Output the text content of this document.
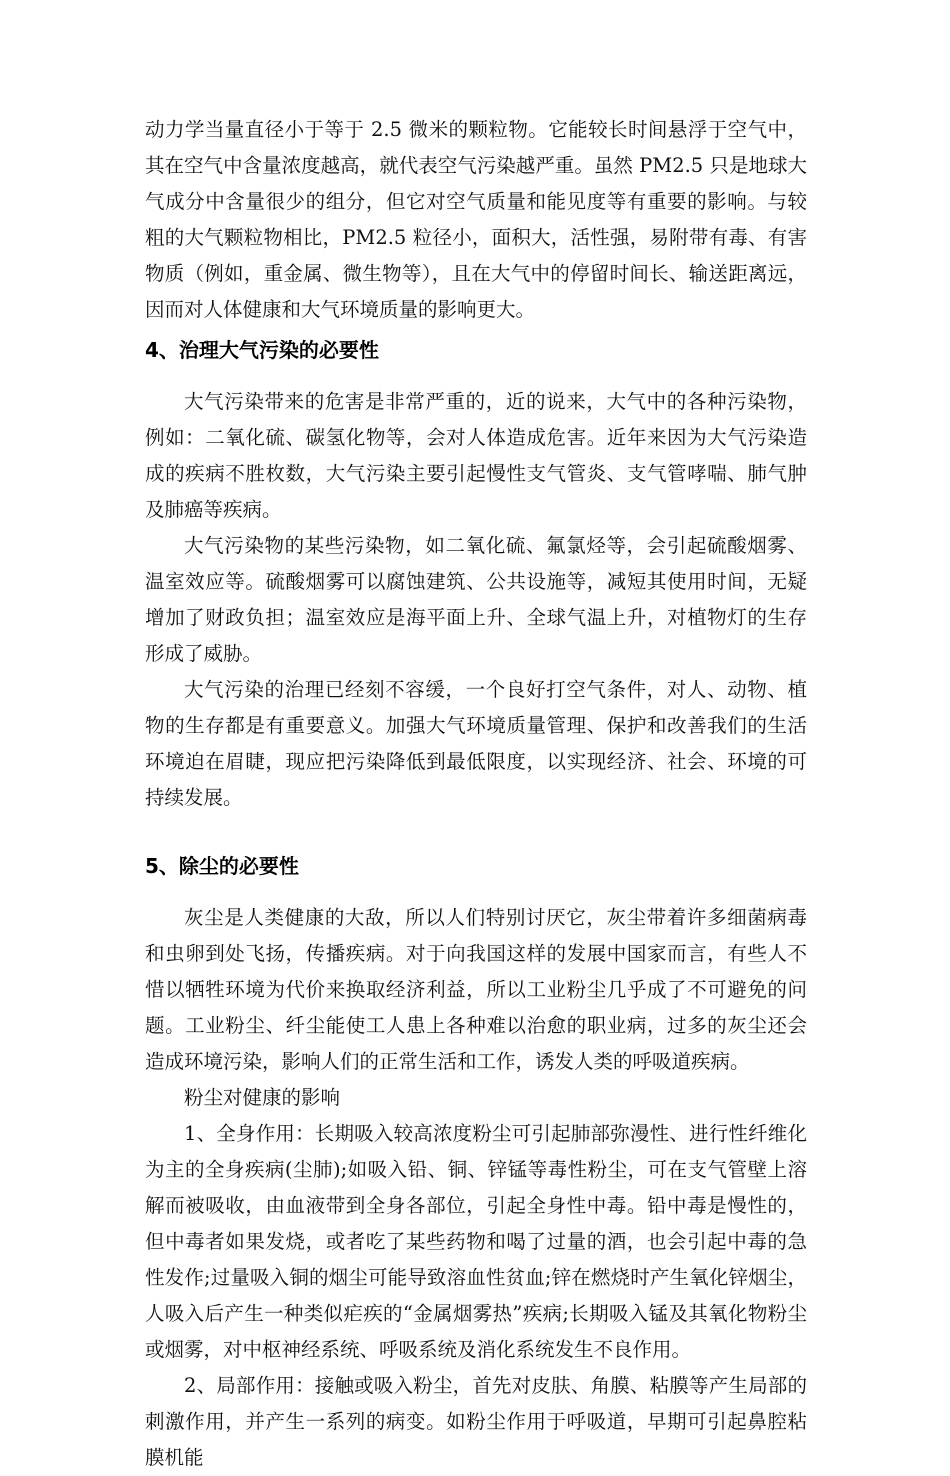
动力学当量直径小于等于 2.5 微米的颗粒物。它能较长时间悬浮于空气中，其在空气中含量浓度越高，就代表空气污染越严重。虽然 PM2.5 只是地球大气成分中含量很少的组分，但它对空气质量和能见度等有重要的影响。与较粗的大气颗粒物相比，PM2.5 粒径小，面积大，活性强，易附带有毒、有害物质（例如，重金属、微生物等），且在大气中的停留时间长、输送距离远，因而对人体健康和大气环境质量的影响更大。

4、治理大气污染的必要性

大气污染带来的危害是非常严重的，近的说来，大气中的各种污染物，例如：二氧化硫、碳氢化物等，会对人体造成危害。近年来因为大气污染造成的疾病不胜枚数，大气污染主要引起慢性支气管炎、支气管哮喘、肺气肿及肺癌等疾病。

大气污染物的某些污染物，如二氧化硫、氟氯烃等，会引起硫酸烟雾、温室效应等。硫酸烟雾可以腐蚀建筑、公共设施等，减短其使用时间，无疑增加了财政负担；温室效应是海平面上升、全球气温上升，对植物灯的生存形成了威胁。

大气污染的治理已经刻不容缓，一个良好打空气条件，对人、动物、植物的生存都是有重要意义。加强大气环境质量管理、保护和改善我们的生活环境迫在眉睫，现应把污染降低到最低限度，以实现经济、社会、环境的可持续发展。

5、除尘的必要性

灰尘是人类健康的大敌，所以人们特别讨厌它，灰尘带着许多细菌病毒和虫卵到处飞扬，传播疾病。对于向我国这样的发展中国家而言，有些人不惜以牺牲环境为代价来换取经济利益，所以工业粉尘几乎成了不可避免的问题。工业粉尘、纤尘能使工人患上各种难以治愈的职业病，过多的灰尘还会造成环境污染，影响人们的正常生活和工作，诱发人类的呼吸道疾病。

粉尘对健康的影响

1、全身作用：长期吸入较高浓度粉尘可引起肺部弥漫性、进行性纤维化为主的全身疾病(尘肺);如吸入铅、铜、锌锰等毒性粉尘，可在支气管壁上溶解而被吸收，由血液带到全身各部位，引起全身性中毒。铅中毒是慢性的，但中毒者如果发烧，或者吃了某些药物和喝了过量的酒，也会引起中毒的急性发作;过量吸入铜的烟尘可能导致溶血性贫血;锌在燃烧时产生氧化锌烟尘，人吸入后产生一种类似疟疾的“金属烟雾热”疾病;长期吸入锰及其氧化物粉尘或烟雾，对中枢神经系统、呼吸系统及消化系统发生不良作用。

2、局部作用：接触或吸入粉尘，首先对皮肤、角膜、粘膜等产生局部的刺激作用，并产生一系列的病变。如粉尘作用于呼吸道，早期可引起鼻腔粘膜机能
